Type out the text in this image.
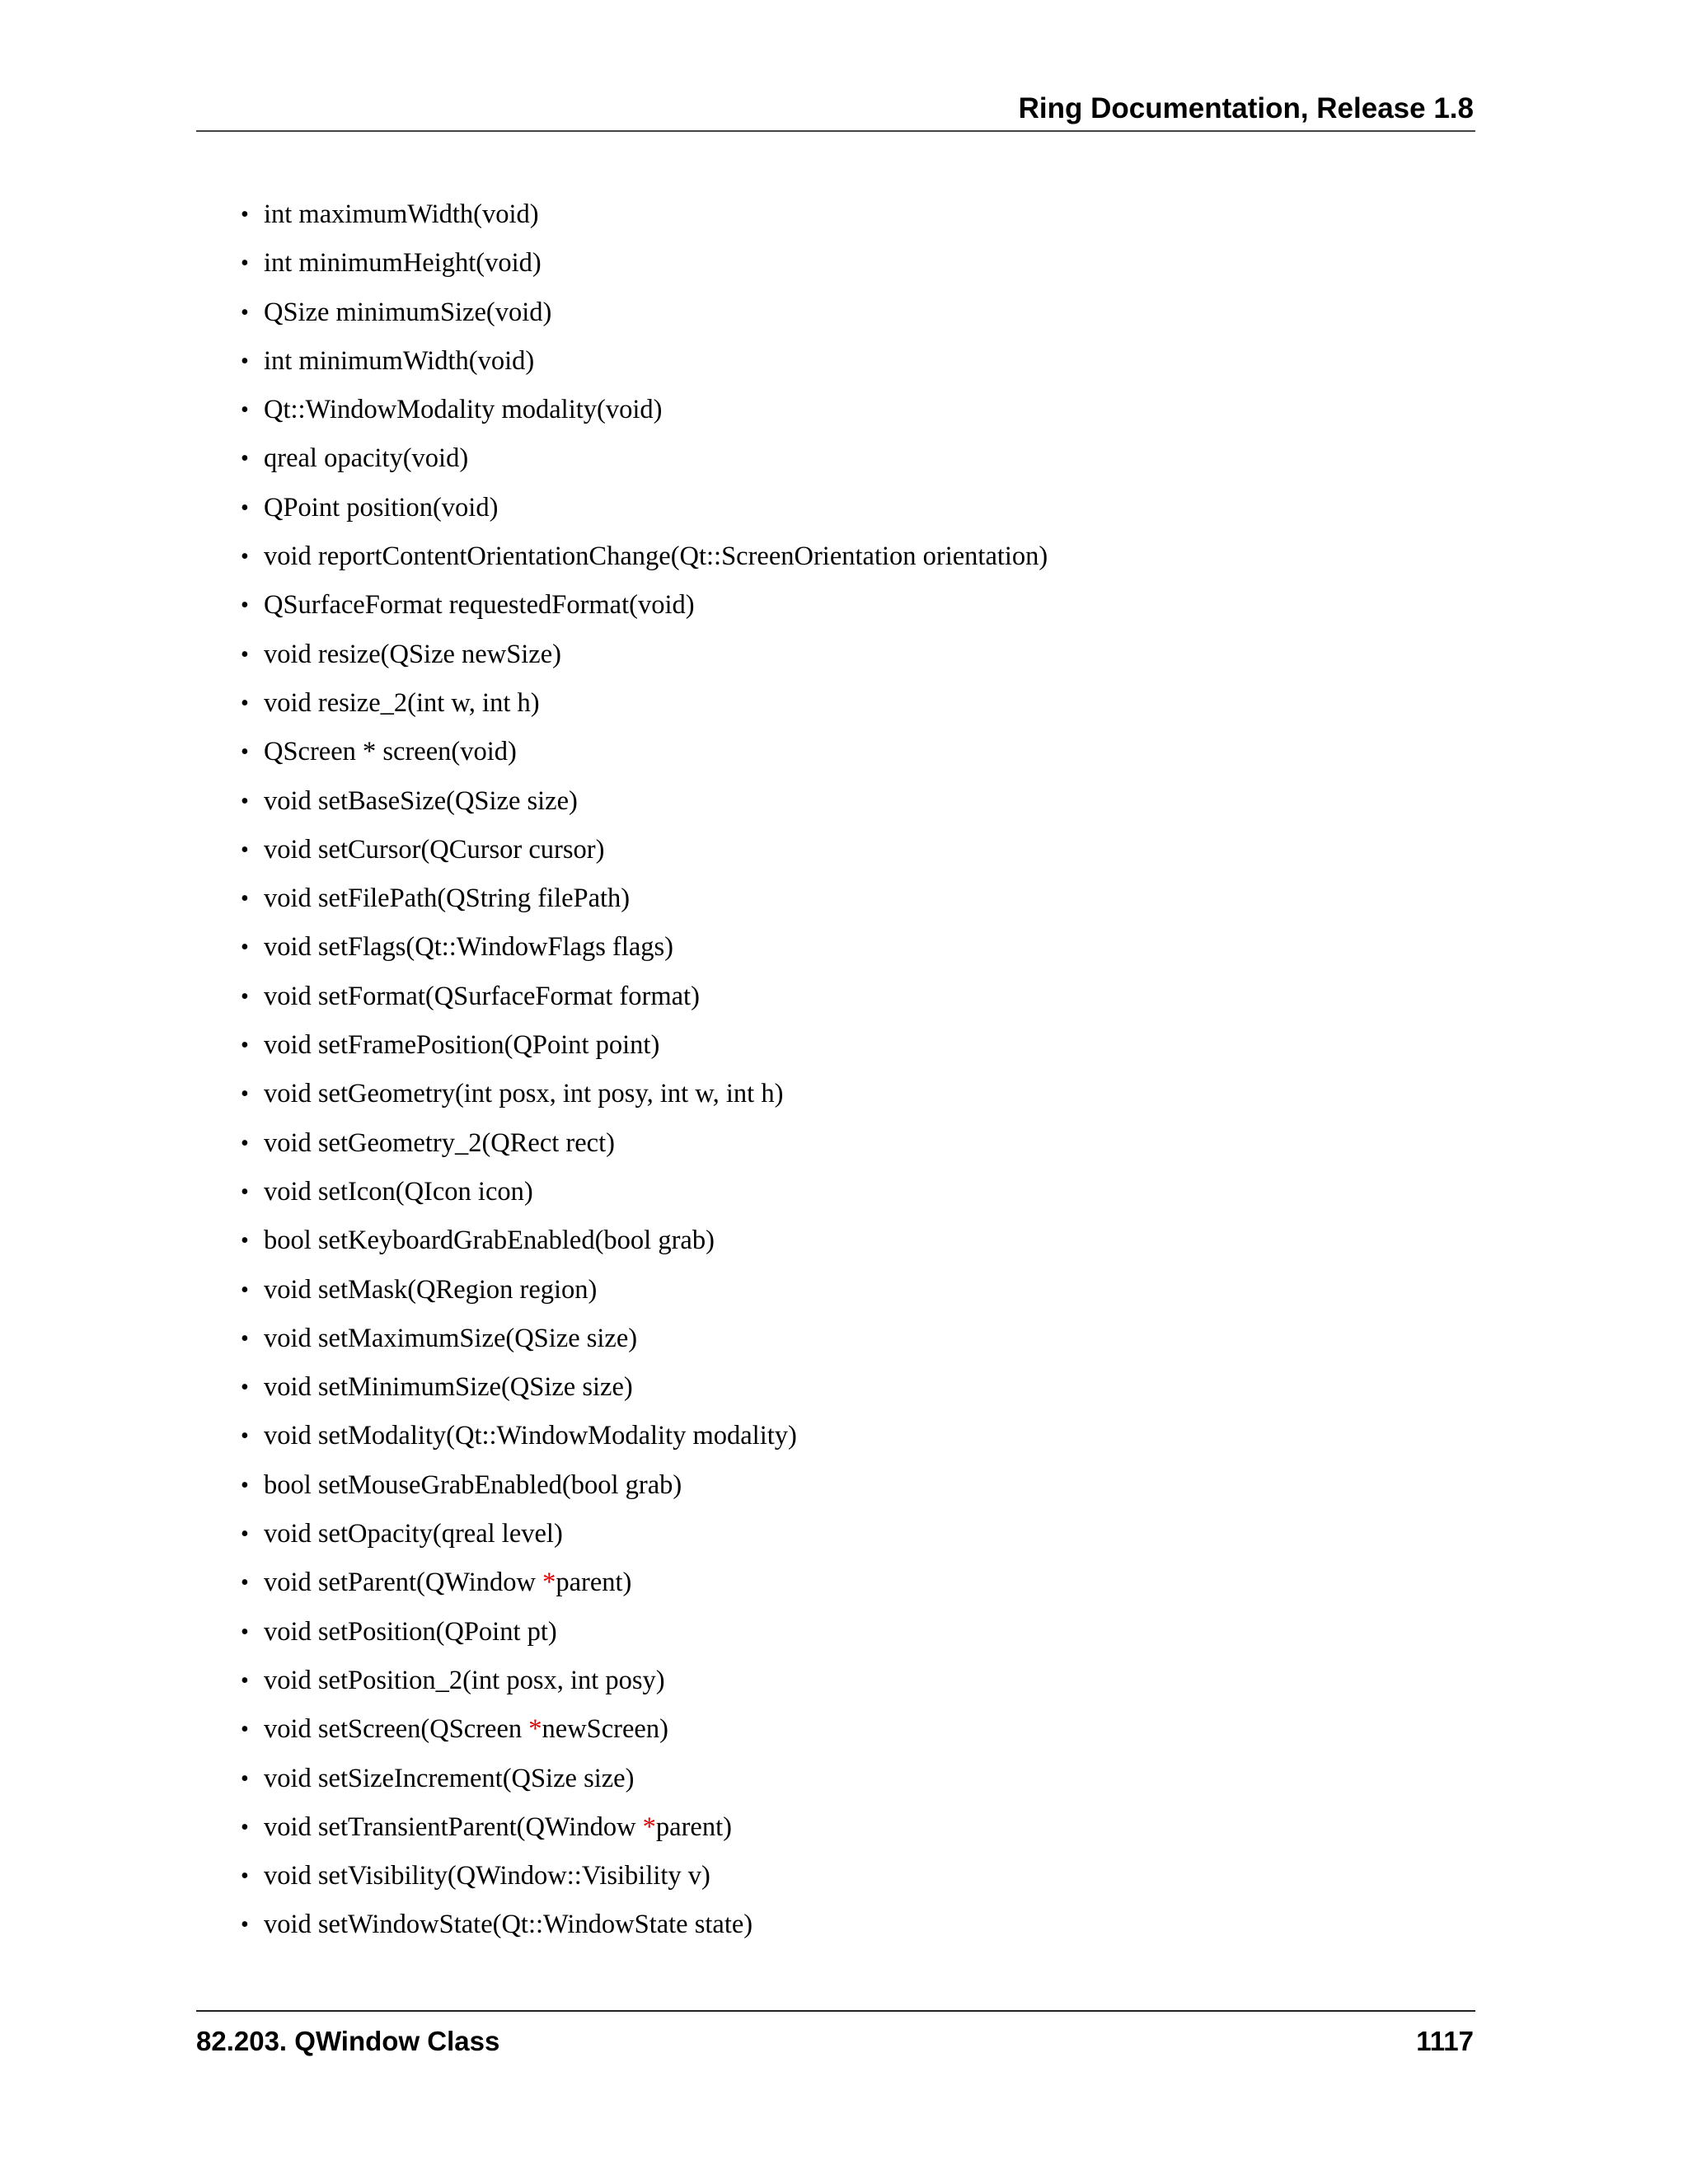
Ring Documentation, Release 1.8
• int maximumWidth(void)
• int minimumHeight(void)
• QSize minimumSize(void)
• int minimumWidth(void)
• Qt::WindowModality modality(void)
• qreal opacity(void)
• QPoint position(void)
• void reportContentOrientationChange(Qt::ScreenOrientation orientation)
• QSurfaceFormat requestedFormat(void)
• void resize(QSize newSize)
• void resize_2(int w, int h)
• QScreen * screen(void)
• void setBaseSize(QSize size)
• void setCursor(QCursor cursor)
• void setFilePath(QString filePath)
• void setFlags(Qt::WindowFlags flags)
• void setFormat(QSurfaceFormat format)
• void setFramePosition(QPoint point)
• void setGeometry(int posx, int posy, int w, int h)
• void setGeometry_2(QRect rect)
• void setIcon(QIcon icon)
• bool setKeyboardGrabEnabled(bool grab)
• void setMask(QRegion region)
• void setMaximumSize(QSize size)
• void setMinimumSize(QSize size)
• void setModality(Qt::WindowModality modality)
• bool setMouseGrabEnabled(bool grab)
• void setOpacity(qreal level)
• void setParent(QWindow *parent)
• void setPosition(QPoint pt)
• void setPosition_2(int posx, int posy)
• void setScreen(QScreen *newScreen)
• void setSizeIncrement(QSize size)
• void setTransientParent(QWindow *parent)
• void setVisibility(QWindow::Visibility v)
• void setWindowState(Qt::WindowState state)
82.203. QWindow Class	1117
